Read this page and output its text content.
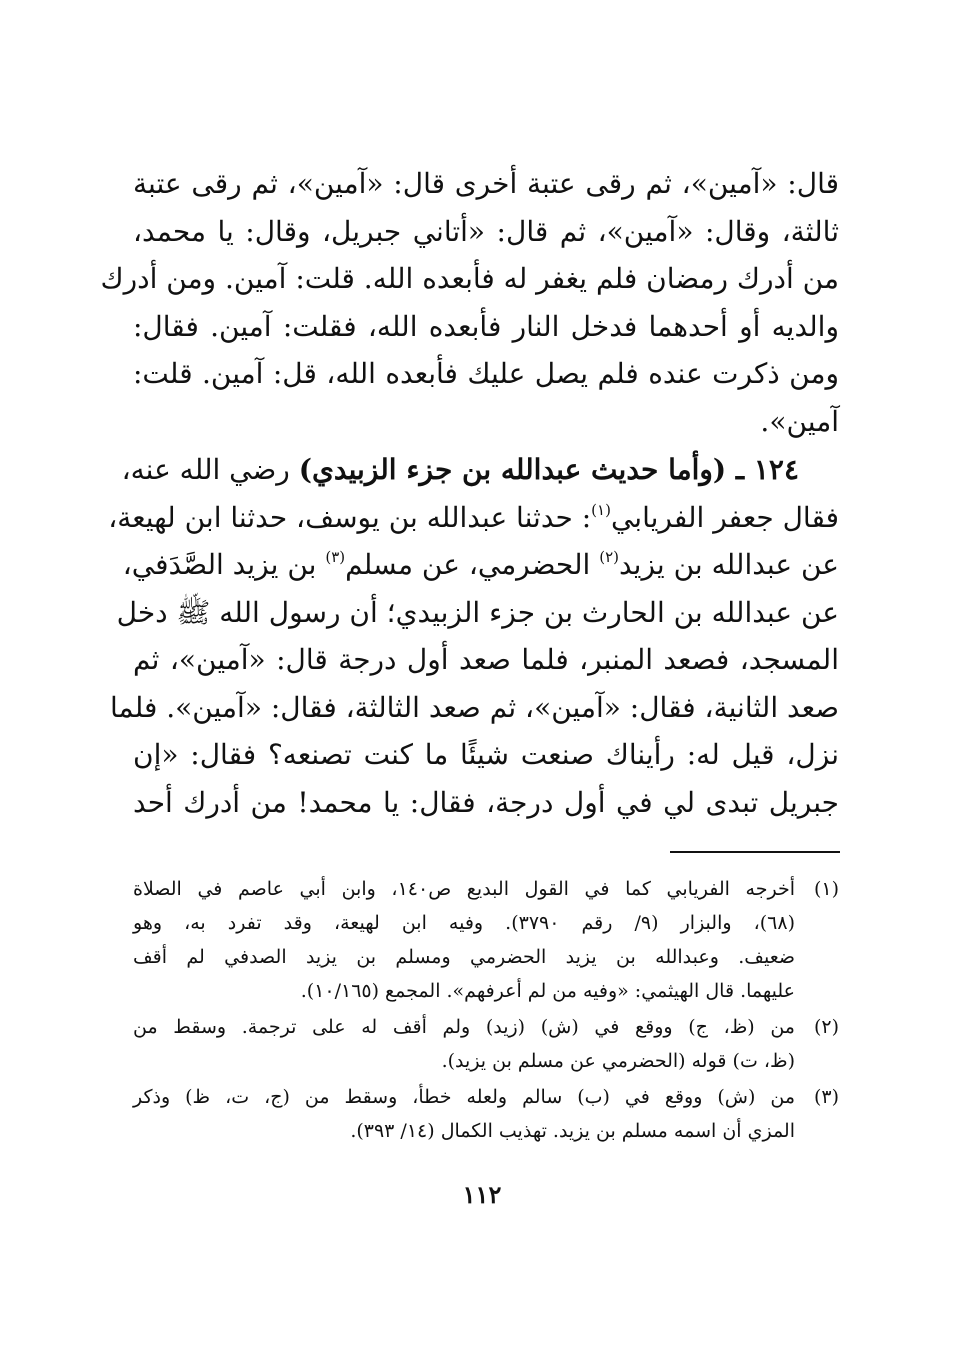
قال: «آمين»، ثم رقى عتبة أخرى قال: «آمين»، ثم رقى عتبة
ثالثة، وقال: «آمين»، ثم قال: «أتاني جبريل، وقال: يا محمد،
من أدرك رمضان فلم يغفر له فأبعده الله. قلت: آمين. ومن أدرك
والديه أو أحدهما فدخل النار فأبعده الله، فقلت: آمين. فقال:
ومن ذكرت عنده فلم يصل عليك فأبعده الله، قل: آمين. قلت:
آمين».
١٢٤ ـ (وأما حديث عبدالله بن جزء الزبيدي) رضي الله عنه،
فقال جعفر الفريابي$^{(١)}$: حدثنا عبدالله بن يوسف، حدثنا ابن لهيعة،
عن عبدالله بن يزيد$^{(٢)}$ الحضرمي، عن مسلم$^{(٣)}$ بن يزيد الصَّدَفي،
عن عبدالله بن الحارث بن جزء الزبيدي؛ أن رسول الله ﷺ دخل
المسجد، فصعد المنبر، فلما صعد أول درجة قال: «آمين»، ثم
صعد الثانية، فقال: «آمين»، ثم صعد الثالثة، فقال: «آمين». فلما
نزل، قيل له: رأيناك صنعت شيئًا ما كنت تصنعه؟ فقال: «إن
جبريل تبدى لي في أول درجة، فقال: يا محمد! من أدرك أحد
(١)
أخرجه الفريابي كما في القول البديع ص١٤٠، وابن أبي عاصم في الصلاة
(٦٨)، والبزار (٩/ رقم ٣٧٩٠). وفيه ابن لهيعة، وقد تفرد به، وهو
ضعيف. وعبدالله بن يزيد الحضرمي ومسلم بن يزيد الصدفي لم أقف
عليهما. قال الهيثمي: «وفيه من لم أعرفهم». المجمع (١٠/١٦٥).
(٢)
من (ظ، ج) ووقع في (ش) (زيد) ولم أقف له على ترجمة. وسقط من
(ظ، ت) قوله (الحضرمي عن مسلم بن يزيد).
(٣)
من (ش) ووقع في (ب) سالم ولعله خطأ، وسقط من (ج، ت، ظ) وذكر
المزي أن اسمه مسلم بن يزيد. تهذيب الكمال (١٤/ ٣٩٣).
١١٢
